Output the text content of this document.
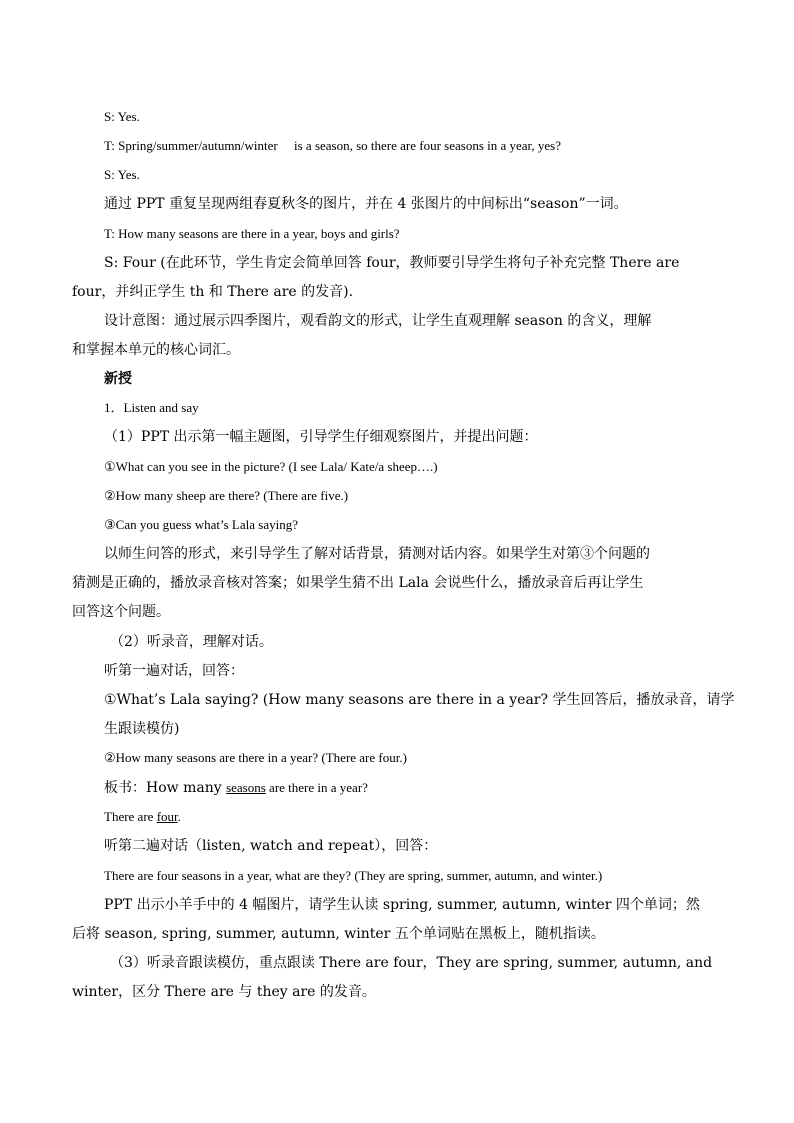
S: Yes.
T: Spring/summer/autumn/winter     is a season, so there are four seasons in a year, yes?
S: Yes.
通过 PPT 重复呈现两组春夏秋冬的图片，并在 4 张图片的中间标出“season”一词。
T: How many seasons are there in a year, boys and girls?
S: Four (在此环节，学生肯定会简单回答 four，教师要引导学生将句子补充完整 There are
four，并纠正学生 th 和 There are 的发音).
设计意图：通过展示四季图片，观看韵文的形式，让学生直观理解 season 的含义，理解
和掌握本单元的核心词汇。
新授
1．Listen and say
（1）PPT 出示第一幅主题图，引导学生仔细观察图片，并提出问题：
①What can you see in the picture? (I see Lala/ Kate/a sheep….)
②How many sheep are there? (There are five.)
③Can you guess what’s Lala saying?
以师生问答的形式，来引导学生了解对话背景，猜测对话内容。如果学生对第③个问题的
猜测是正确的，播放录音核对答案；如果学生猜不出 Lala 会说些什么，播放录音后再让学生
回答这个问题。
（2）听录音，理解对话。
听第一遍对话，回答：
①What’s Lala saying? (How many seasons are there in a year? 学生回答后，播放录音，请学
生跟读模仿)
②How many seasons are there in a year? (There are four.)
板书：How many seasons are there in a year?
There are four.
听第二遍对话（listen, watch and repeat），回答：
There are four seasons in a year, what are they? (They are spring, summer, autumn, and winter.)
PPT 出示小羊手中的 4 幅图片，请学生认读 spring, summer, autumn, winter 四个单词；然
后将 season, spring, summer, autumn, winter 五个单词贴在黑板上，随机指读。
（3）听录音跟读模仿，重点跟读 There are four，They are spring, summer, autumn, and
winter，区分 There are 与 they are 的发音。
